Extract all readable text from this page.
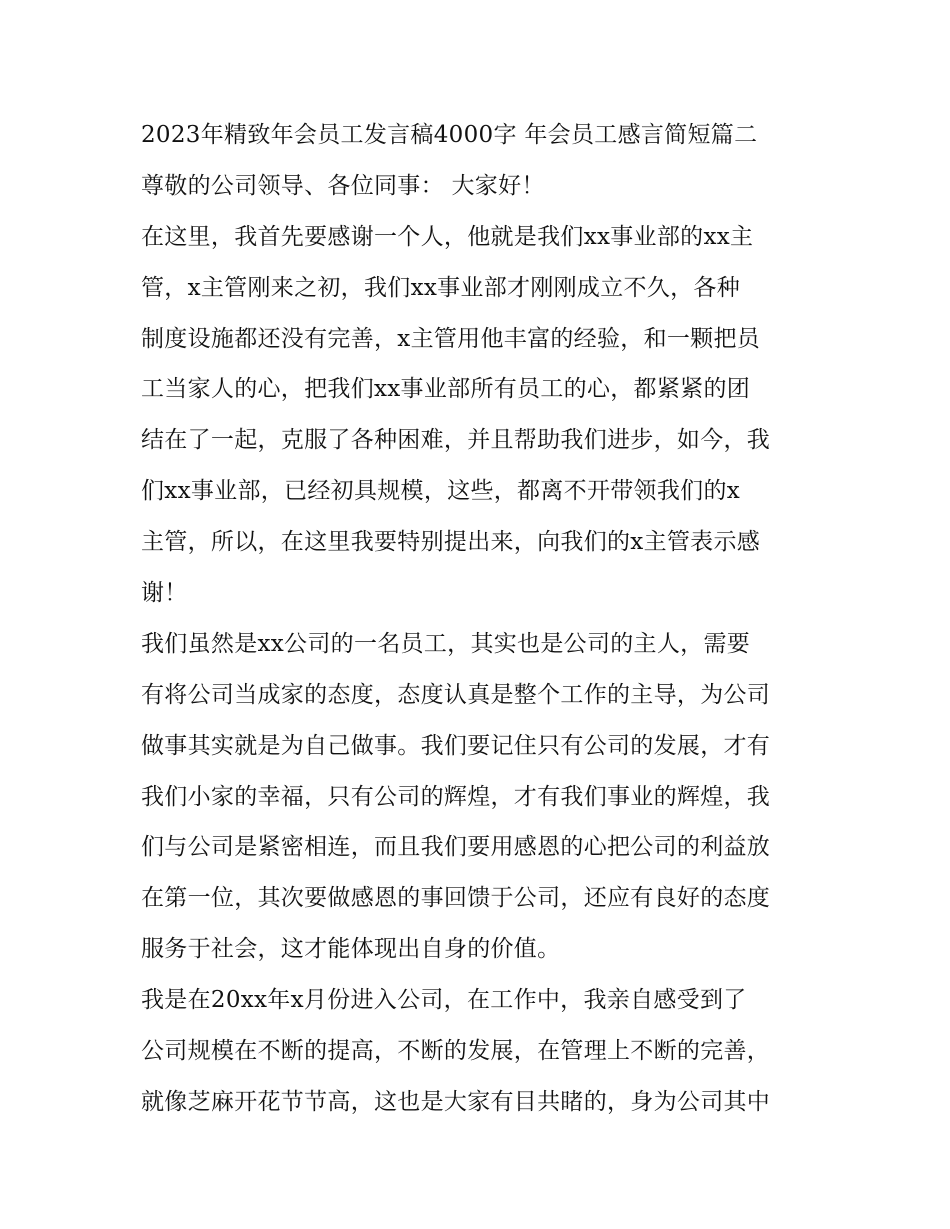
2023年精致年会员工发言稿4000字 年会员工感言简短篇二
尊敬的公司领导、各位同事： 大家好！
在这里，我首先要感谢一个人，他就是我们xx事业部的xx主
管，x主管刚来之初，我们xx事业部才刚刚成立不久，各种
制度设施都还没有完善，x主管用他丰富的经验，和一颗把员
工当家人的心，把我们xx事业部所有员工的心，都紧紧的团
结在了一起，克服了各种困难，并且帮助我们进步，如今，我
们xx事业部，已经初具规模，这些，都离不开带领我们的x
主管，所以，在这里我要特别提出来，向我们的x主管表示感
谢！
我们虽然是xx公司的一名员工，其实也是公司的主人，需要
有将公司当成家的态度，态度认真是整个工作的主导，为公司
做事其实就是为自己做事。我们要记住只有公司的发展，才有
我们小家的幸福，只有公司的辉煌，才有我们事业的辉煌，我
们与公司是紧密相连，而且我们要用感恩的心把公司的利益放
在第一位，其次要做感恩的事回馈于公司，还应有良好的态度
服务于社会，这才能体现出自身的价值。
我是在20xx年x月份进入公司，在工作中，我亲自感受到了
公司规模在不断的提高，不断的发展，在管理上不断的完善，
就像芝麻开花节节高，这也是大家有目共睹的，身为公司其中
